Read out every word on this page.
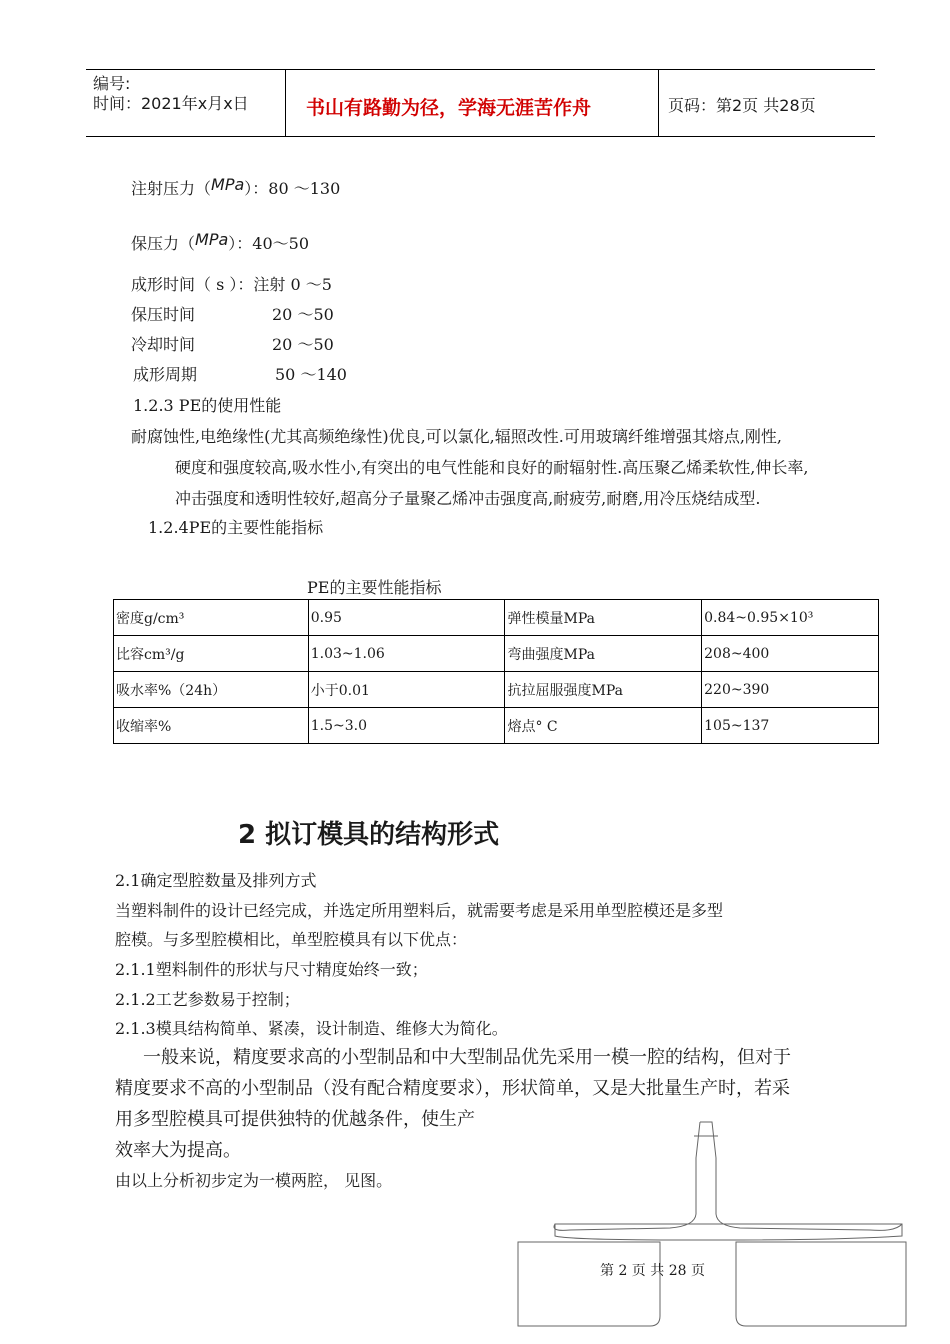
编号:
时间：2021年x月x日	书山有路勤为径，学海无涯苦作舟	页码：第2页 共28页
注射压力（MPa）：80 ～130
保压力（MPa）：40～50
成形时间（ s ）：注射 0 ～5
保压时间	20 ～50
冷却时间	20 ～50
成形周期	50 ～140
1.2.3 PE的使用性能
耐腐蚀性,电绝缘性(尤其高频绝缘性)优良,可以氯化,辐照改性.可用玻璃纤维增强其熔点,刚性,
硬度和强度较高,吸水性小,有突出的电气性能和良好的耐辐射性.高压聚乙烯柔软性,伸长率,
冲击强度和透明性较好,超高分子量聚乙烯冲击强度高,耐疲劳,耐磨,用冷压烧结成型.
1.2.4PE的主要性能指标
PE的主要性能指标
密度g/cm³	0.95	弹性模量MPa	0.84~0.95×10³
比容cm³/g	1.03~1.06	弯曲强度MPa	208~400
吸水率%（24h）	小于0.01	抗拉屈服强度MPa	220~390
收缩率%	1.5~3.0	熔点° C	105~137
2 拟订模具的结构形式
2.1确定型腔数量及排列方式
当塑料制件的设计已经完成，并选定所用塑料后，就需要考虑是采用单型腔模还是多型
腔模。与多型腔模相比，单型腔模具有以下优点：
2.1.1塑料制件的形状与尺寸精度始终一致；
2.1.2工艺参数易于控制；
2.1.3模具结构简单、紧凑，设计制造、维修大为简化。
一般来说，精度要求高的小型制品和中大型制品优先采用一模一腔的结构，但对于
精度要求不高的小型制品（没有配合精度要求），形状简单，又是大批量生产时，若采
用多型腔模具可提供独特的优越条件，使生产
效率大为提高。
由以上分析初步定为一模两腔， 见图。
第 2 页 共 28 页
